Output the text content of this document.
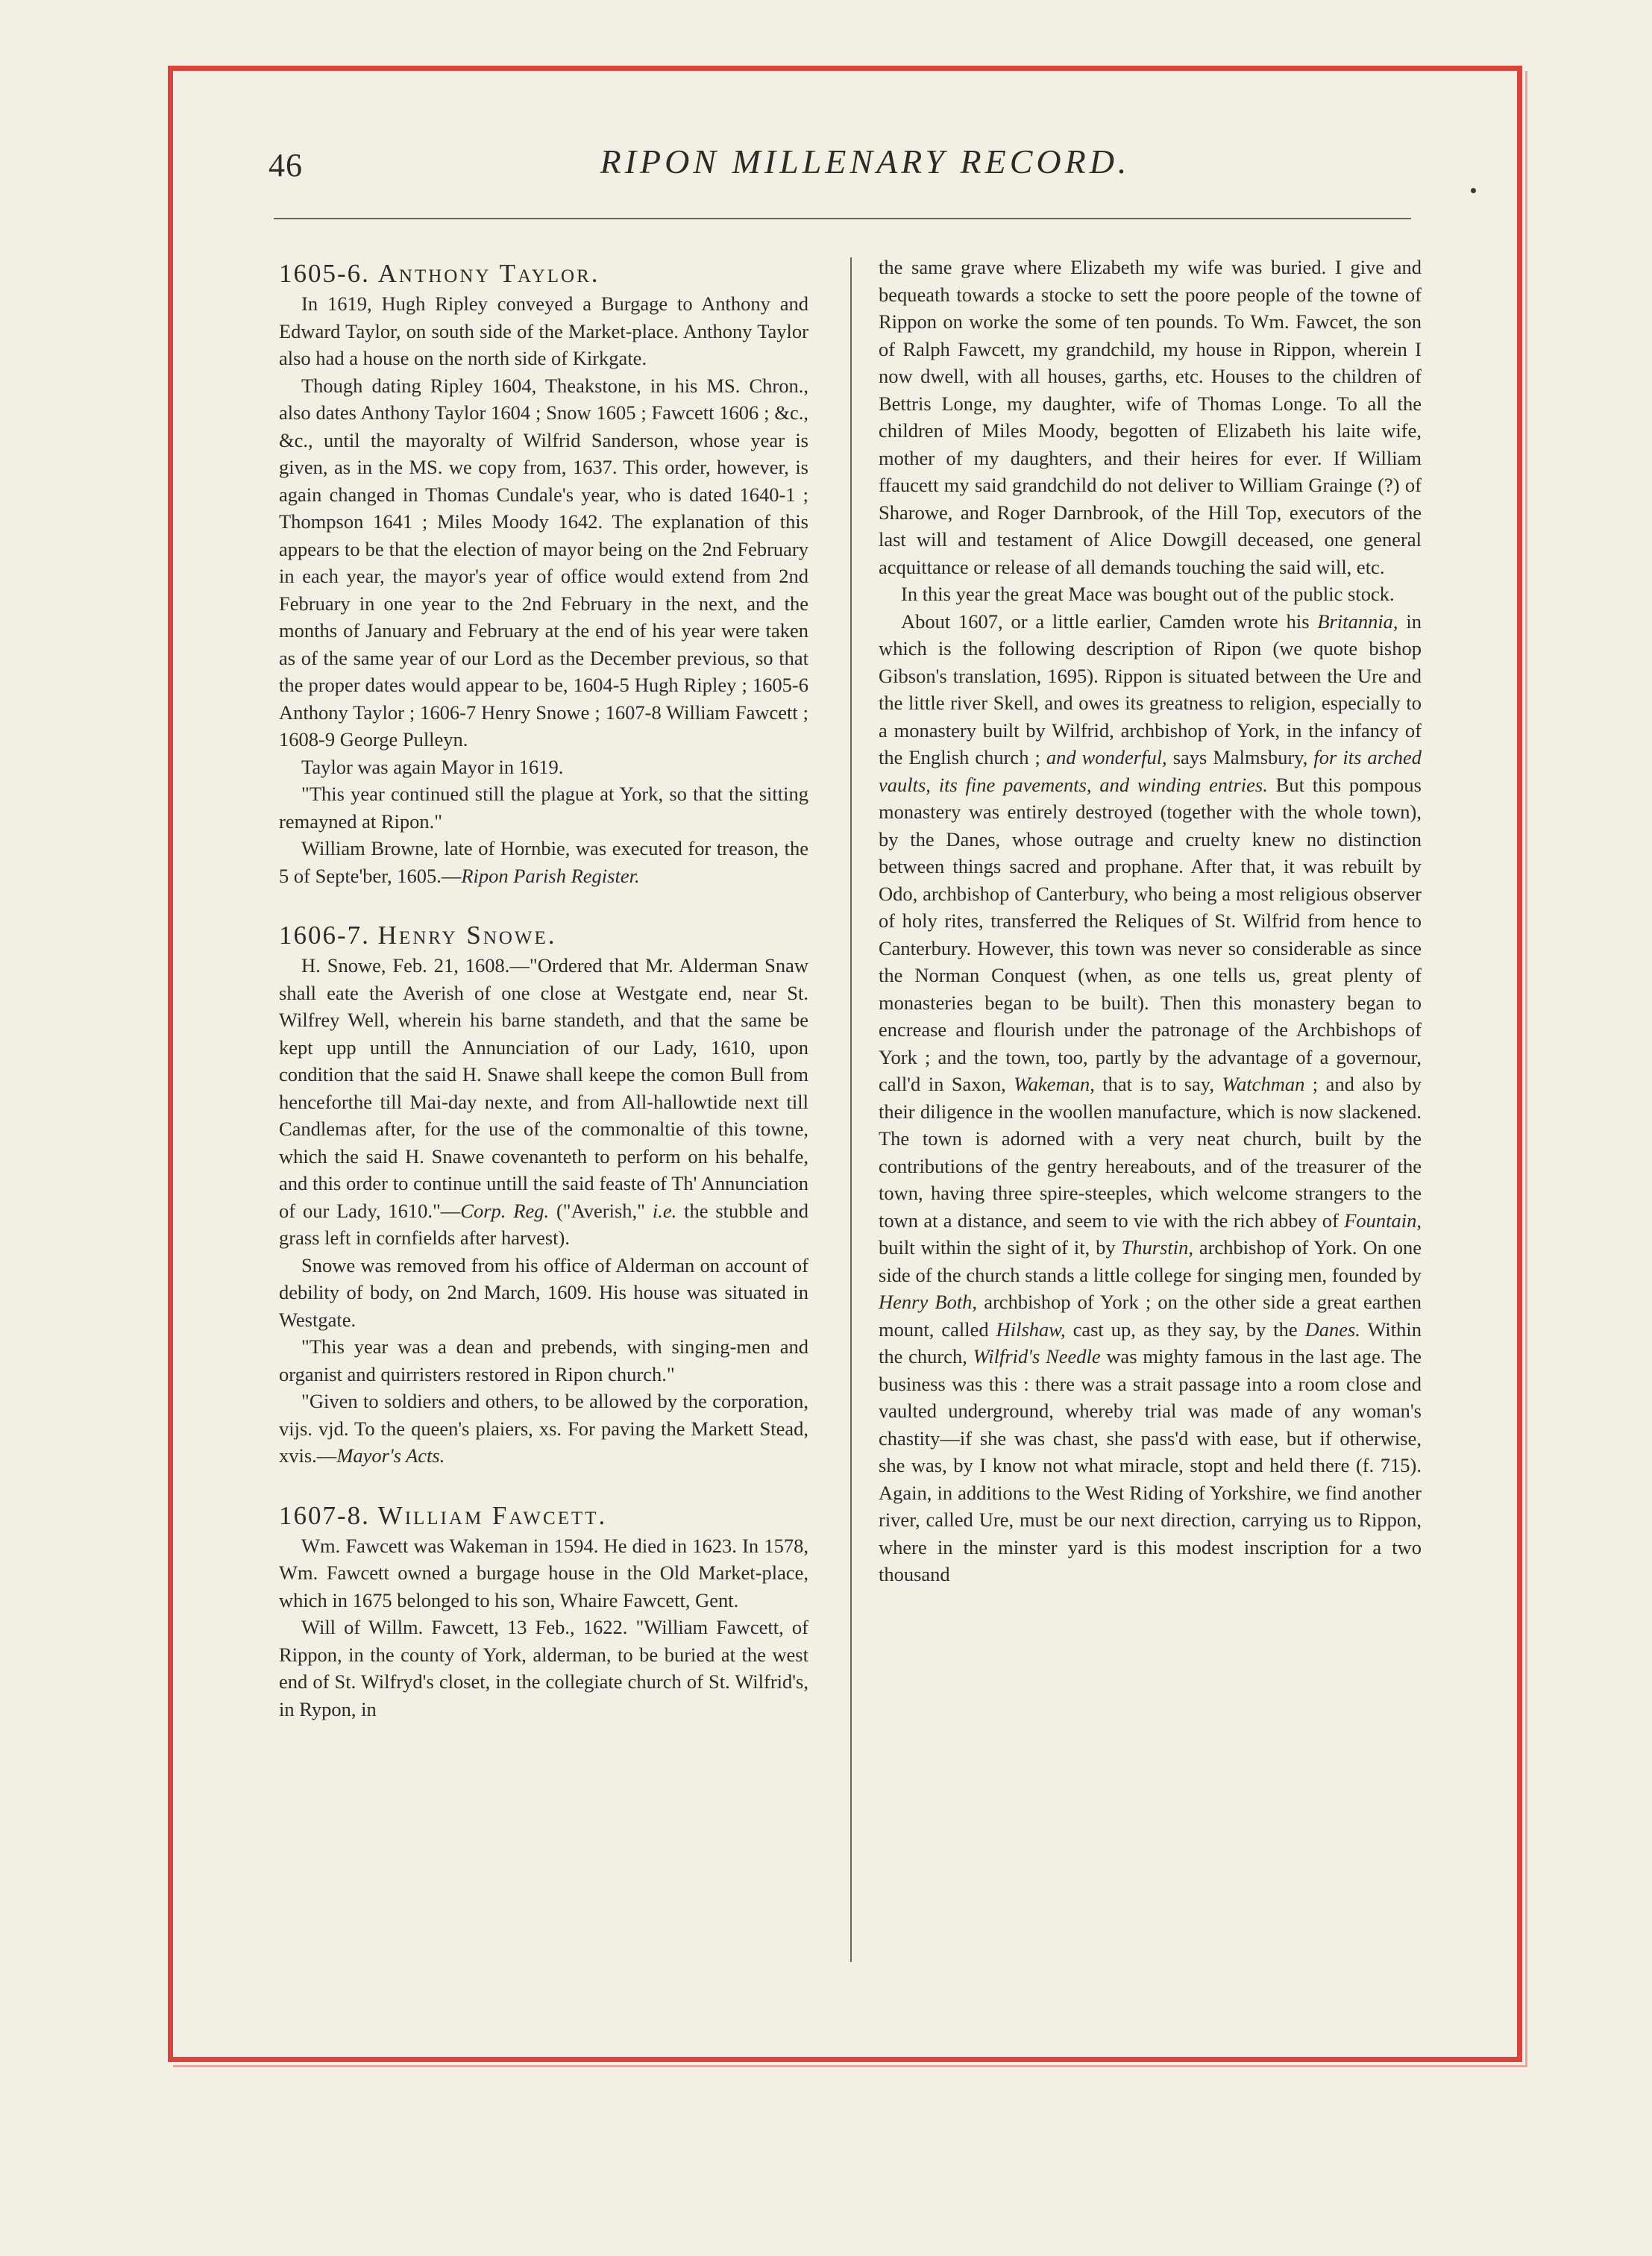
46	RIPON MILLENARY RECORD.

1605-6. Anthony Taylor.

In 1619, Hugh Ripley conveyed a Burgage to Anthony and Edward Taylor, on south side of the Market-place. Anthony Taylor also had a house on the north side of Kirkgate.

Though dating Ripley 1604, Theakstone, in his MS. Chron., also dates Anthony Taylor 1604 ; Snow 1605 ; Fawcett 1606 ; &c., &c., until the mayoralty of Wilfrid Sanderson, whose year is given, as in the MS. we copy from, 1637. This order, however, is again changed in Thomas Cundale's year, who is dated 1640-1 ; Thompson 1641 ; Miles Moody 1642. The explanation of this appears to be that the election of mayor being on the 2nd February in each year, the mayor's year of office would extend from 2nd February in one year to the 2nd February in the next, and the months of January and February at the end of his year were taken as of the same year of our Lord as the December previous, so that the proper dates would appear to be, 1604-5 Hugh Ripley ; 1605-6 Anthony Taylor ; 1606-7 Henry Snowe ; 1607-8 William Fawcett ; 1608-9 George Pulleyn.

Taylor was again Mayor in 1619.

"This year continued still the plague at York, so that the sitting remayned at Ripon."

William Browne, late of Hornbie, was executed for treason, the 5 of Septe'ber, 1605.—Ripon Parish Register.

1606-7. Henry Snowe.

H. Snowe, Feb. 21, 1608.—"Ordered that Mr. Alderman Snaw shall eate the Averish of one close at Westgate end, near St. Wilfrey Well, wherein his barne standeth, and that the same be kept upp untill the Annunciation of our Lady, 1610, upon condition that the said H. Snawe shall keepe the comon Bull from henceforthe till Mai-day nexte, and from All-hallowtide next till Candlemas after, for the use of the commonaltie of this towne, which the said H. Snawe covenanteth to perform on his behalfe, and this order to continue untill the said feaste of Th' Annunciation of our Lady, 1610."—Corp. Reg. ("Averish," i.e. the stubble and grass left in cornfields after harvest).

Snowe was removed from his office of Alderman on account of debility of body, on 2nd March, 1609. His house was situated in Westgate.

"This year was a dean and prebends, with singing-men and organist and quirristers restored in Ripon church."

"Given to soldiers and others, to be allowed by the corporation, vijs. vjd. To the queen's plaiers, xs. For paving the Markett Stead, xvis.—Mayor's Acts.

1607-8. William Fawcett.

Wm. Fawcett was Wakeman in 1594. He died in 1623. In 1578, Wm. Fawcett owned a burgage house in the Old Market-place, which in 1675 belonged to his son, Whaire Fawcett, Gent.

Will of Willm. Fawcett, 13 Feb., 1622. "William Fawcett, of Rippon, in the county of York, alderman, to be buried at the west end of St. Wilfryd's closet, in the collegiate church of St. Wilfrid's, in Rypon, in

the same grave where Elizabeth my wife was buried. I give and bequeath towards a stocke to sett the poore people of the towne of Rippon on worke the some of ten pounds. To Wm. Fawcet, the son of Ralph Fawcett, my grandchild, my house in Rippon, wherein I now dwell, with all houses, garths, etc. Houses to the children of Bettris Longe, my daughter, wife of Thomas Longe. To all the children of Miles Moody, begotten of Elizabeth his laite wife, mother of my daughters, and their heires for ever. If William ffaucett my said grandchild do not deliver to William Grainge (?) of Sharowe, and Roger Darnbrook, of the Hill Top, executors of the last will and testament of Alice Dowgill deceased, one general acquittance or release of all demands touching the said will, etc.

In this year the great Mace was bought out of the public stock.

About 1607, or a little earlier, Camden wrote his Britannia, in which is the following description of Ripon (we quote bishop Gibson's translation, 1695). Rippon is situated between the Ure and the little river Skell, and owes its greatness to religion, especially to a monastery built by Wilfrid, archbishop of York, in the infancy of the English church ; and wonderful, says Malmsbury, for its arched vaults, its fine pavements, and winding entries. But this pompous monastery was entirely destroyed (together with the whole town), by the Danes, whose outrage and cruelty knew no distinction between things sacred and prophane. After that, it was rebuilt by Odo, archbishop of Canterbury, who being a most religious observer of holy rites, transferred the Reliques of St. Wilfrid from hence to Canterbury. However, this town was never so considerable as since the Norman Conquest (when, as one tells us, great plenty of monasteries began to be built). Then this monastery began to encrease and flourish under the patronage of the Archbishops of York ; and the town, too, partly by the advantage of a governour, call'd in Saxon, Wakeman, that is to say, Watchman ; and also by their diligence in the woollen manufacture, which is now slackened. The town is adorned with a very neat church, built by the contributions of the gentry hereabouts, and of the treasurer of the town, having three spire-steeples, which welcome strangers to the town at a distance, and seem to vie with the rich abbey of Fountain, built within the sight of it, by Thurstin, archbishop of York. On one side of the church stands a little college for singing men, founded by Henry Both, archbishop of York ; on the other side a great earthen mount, called Hilshaw, cast up, as they say, by the Danes. Within the church, Wilfrid's Needle was mighty famous in the last age. The business was this : there was a strait passage into a room close and vaulted underground, whereby trial was made of any woman's chastity—if she was chast, she pass'd with ease, but if otherwise, she was, by I know not what miracle, stopt and held there (f. 715). Again, in additions to the West Riding of Yorkshire, we find another river, called Ure, must be our next direction, carrying us to Rippon, where in the minster yard is this modest inscription for a two thousand
